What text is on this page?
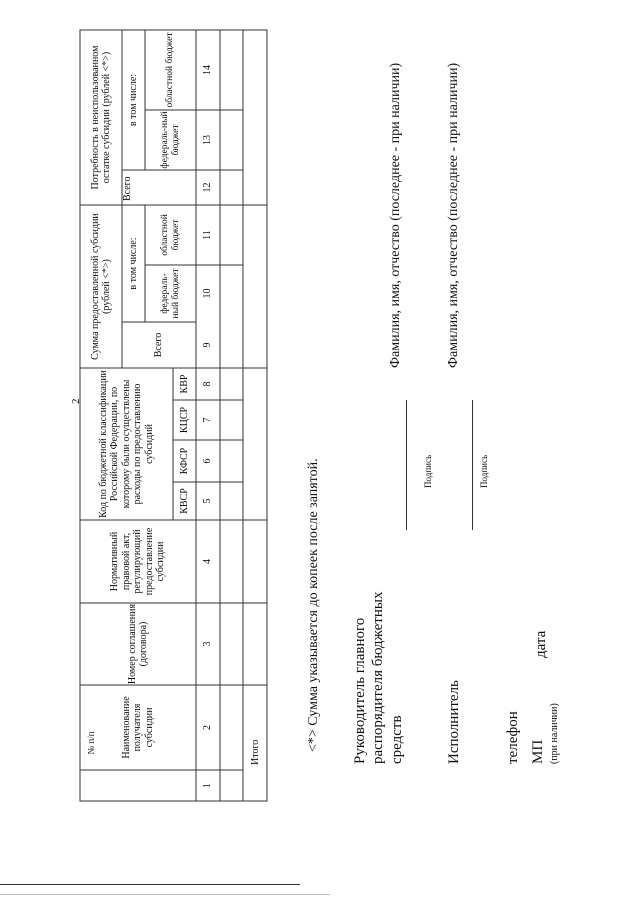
2
№ п/п	Наименование получателя субсидии
Номер соглашения (договора)
Нормативный правовой акт, регулирующий предоставление субсидии
Код по бюджетной классификации Российской Федерации, по которому были осуществлены расходы по предоставлению субсидий
КВСР
КФСР
КЦСР
КВР
Сумма предоставленной субсидии (рублей <*>)
Всего
в том числе:
федераль-ный бюджет
областной бюджет
Потребность в неиспользованном остатке субсидии (рублей <*>)
Всего
в том числе:
федераль-ный бюджет
областной бюджет
1
2
3
4
5
6
7
8
9
10
11
12
13
14
Итого
<*> Сумма указывается до копеек после запятой. Руководитель главного распорядителя бюджетных средств
Подпись
Фамилия, имя, отчество (последнее - при наличии)
Исполнитель
Подпись
Фамилия, имя, отчество (последнее - при наличии)
телефон МП (при наличии)
дата
